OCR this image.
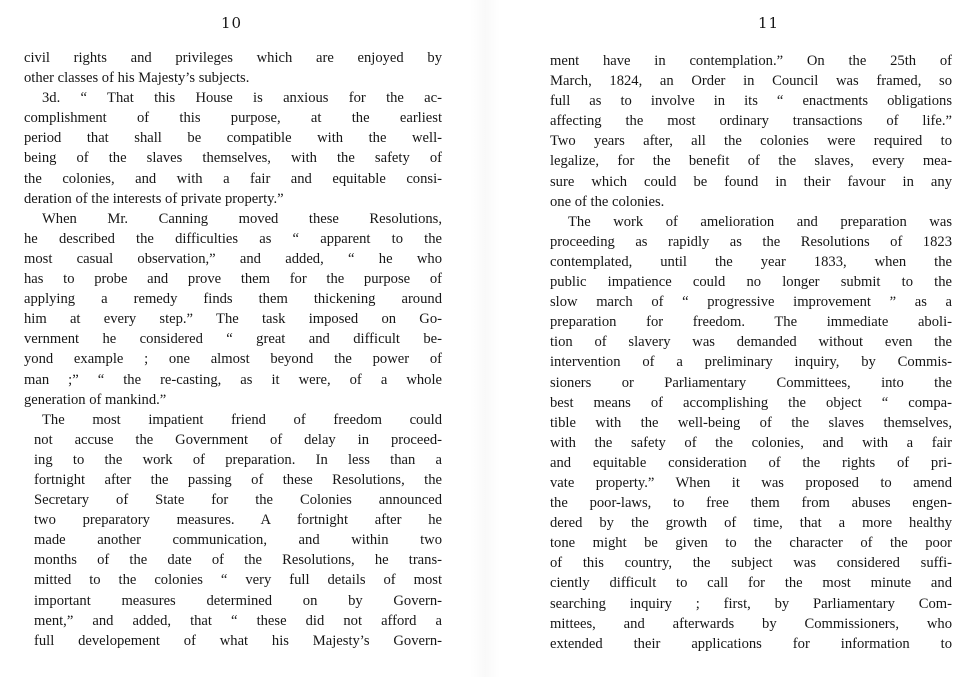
10
civil rights and privileges which are enjoyed by
other classes of his Majesty’s subjects.
3d. “ That this House is anxious for the ac-
complishment of this purpose, at the earliest
period that shall be compatible with the well-
being of the slaves themselves, with the safety of
the colonies, and with a fair and equitable consi-
deration of the interests of private property.”
When Mr. Canning moved these Resolutions,
he described the difficulties as “ apparent to the
most casual observation,” and added, “ he who
has to probe and prove them for the purpose of
applying a remedy finds them thickening around
him at every step.” The task imposed on Go-
vernment he considered “ great and difficult be-
yond example ; one almost beyond the power of
man ;” “ the re-casting, as it were, of a whole
generation of mankind.”
The most impatient friend of freedom could
not accuse the Government of delay in proceed-
ing to the work of preparation. In less than a
fortnight after the passing of these Resolutions, the
Secretary of State for the Colonies announced
two preparatory measures. A fortnight after he
made another communication, and within two
months of the date of the Resolutions, he trans-
mitted to the colonies “ very full details of most
important measures determined on by Govern-
ment,” and added, that “ these did not afford a
full developement of what his Majesty’s Govern-
11
ment have in contemplation.” On the 25th of
March, 1824, an Order in Council was framed, so
full as to involve in its “ enactments obligations
affecting the most ordinary transactions of life.”
Two years after, all the colonies were required to
legalize, for the benefit of the slaves, every mea-
sure which could be found in their favour in any
one of the colonies.
The work of amelioration and preparation was
proceeding as rapidly as the Resolutions of 1823
contemplated, until the year 1833, when the
public impatience could no longer submit to the
slow march of “ progressive improvement ” as a
preparation for freedom. The immediate aboli-
tion of slavery was demanded without even the
intervention of a preliminary inquiry, by Commis-
sioners or Parliamentary Committees, into the
best means of accomplishing the object “ compa-
tible with the well-being of the slaves themselves,
with the safety of the colonies, and with a fair
and equitable consideration of the rights of pri-
vate property.” When it was proposed to amend
the poor-laws, to free them from abuses engen-
dered by the growth of time, that a more healthy
tone might be given to the character of the poor
of this country, the subject was considered suffi-
ciently difficult to call for the most minute and
searching inquiry ; first, by Parliamentary Com-
mittees, and afterwards by Commissioners, who
extended their applications for information to
